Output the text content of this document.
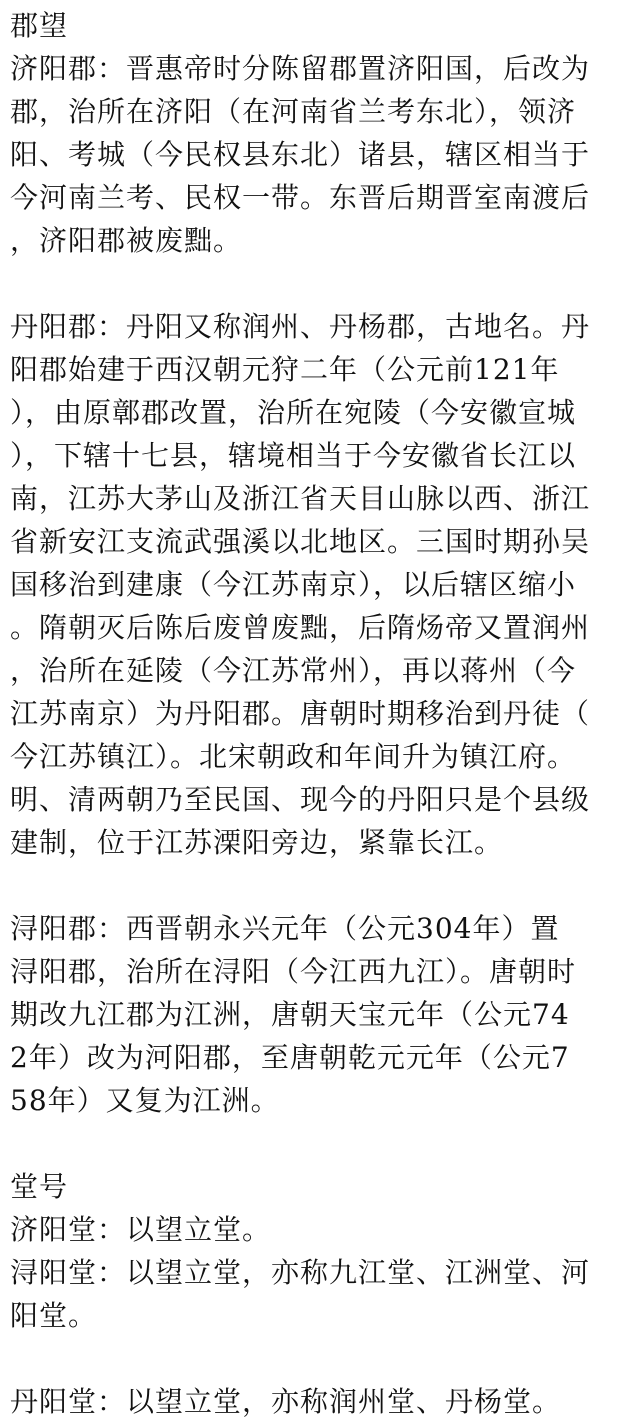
郡望
济阳郡：晋惠帝时分陈留郡置济阳国，后改为
郡，治所在济阳（在河南省兰考东北），领济
阳、考城（今民权县东北）诸县，辖区相当于
今河南兰考、民权一带。东晋后期晋室南渡后
，济阳郡被废黜。
丹阳郡：丹阳又称润州、丹杨郡，古地名。丹
阳郡始建于西汉朝元狩二年（公元前121年
），由原鄣郡改置，治所在宛陵（今安徽宣城
），下辖十七县，辖境相当于今安徽省长江以
南，江苏大茅山及浙江省天目山脉以西、浙江
省新安江支流武强溪以北地区。三国时期孙吴
国移治到建康（今江苏南京），以后辖区缩小
。隋朝灭后陈后废曾废黜，后隋炀帝又置润州
，治所在延陵（今江苏常州），再以蒋州（今
江苏南京）为丹阳郡。唐朝时期移治到丹徒（
今江苏镇江）。北宋朝政和年间升为镇江府。
明、清两朝乃至民国、现今的丹阳只是个县级
建制，位于江苏溧阳旁边，紧靠长江。
浔阳郡：西晋朝永兴元年（公元304年）置
浔阳郡，治所在浔阳（今江西九江）。唐朝时
期改九江郡为江洲，唐朝天宝元年（公元74
2年）改为河阳郡，至唐朝乾元元年（公元7
58年）又复为江洲。
堂号
济阳堂：以望立堂。
浔阳堂：以望立堂，亦称九江堂、江洲堂、河
阳堂。
丹阳堂：以望立堂，亦称润州堂、丹杨堂。
